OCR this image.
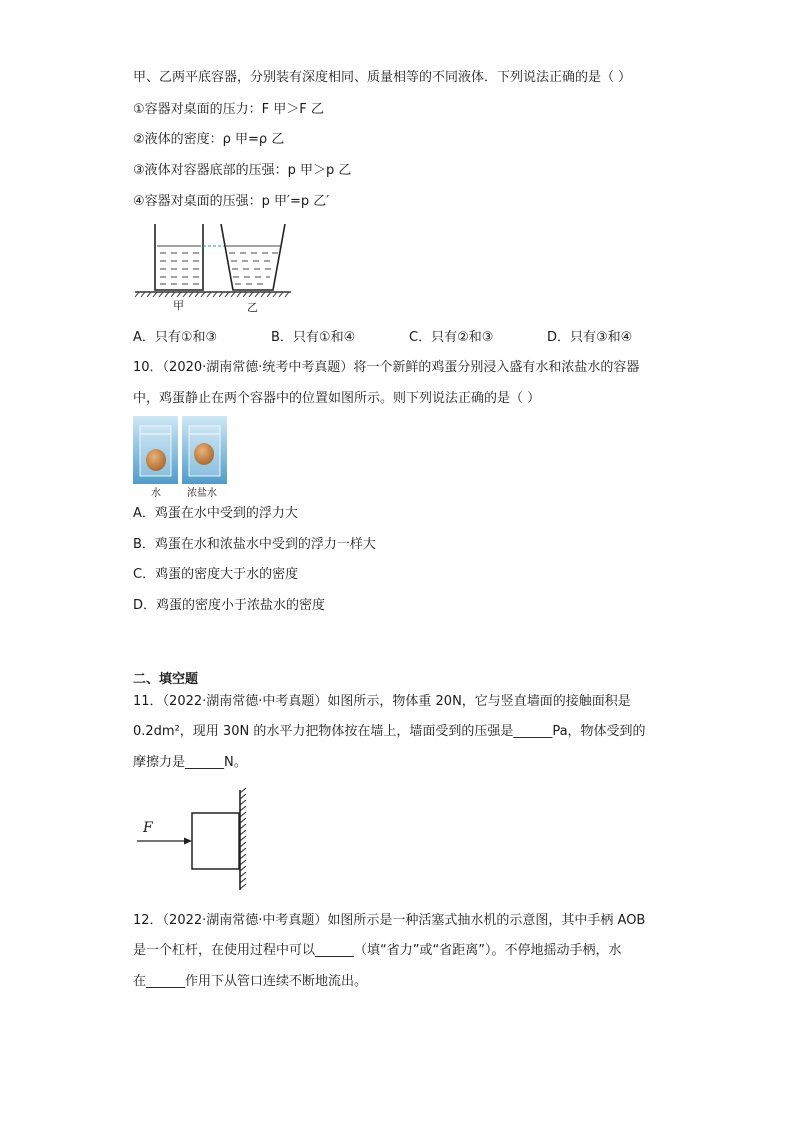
甲、乙两平底容器，分别装有深度相同、质量相等的不同液体．下列说法正确的是（ ）
①容器对桌面的压力：F 甲＞F 乙
②液体的密度：ρ 甲=ρ 乙
③液体对容器底部的压强：p 甲＞p 乙
④容器对桌面的压强：p 甲′=p 乙′
甲	乙
A．只有①和③	B．只有①和④	C．只有②和③	D．只有③和④
10．（2020·湖南常德·统考中考真题）将一个新鲜的鸡蛋分别浸入盛有水和浓盐水的容器
中，鸡蛋静止在两个容器中的位置如图所示。则下列说法正确的是（ ）
水	浓盐水
A．鸡蛋在水中受到的浮力大
B．鸡蛋在水和浓盐水中受到的浮力一样大
C．鸡蛋的密度大于水的密度
D．鸡蛋的密度小于浓盐水的密度
二、填空题
11．（2022·湖南常德·中考真题）如图所示，物体重 20N，它与竖直墙面的接触面积是
0.2dm²，现用 30N 的水平力把物体按在墙上，墙面受到的压强是______Pa，物体受到的
摩擦力是______N。
F
12．（2022·湖南常德·中考真题）如图所示是一种活塞式抽水机的示意图，其中手柄 AOB
是一个杠杆，在使用过程中可以______（填“省力”或“省距离”）。不停地摇动手柄，水
在______作用下从管口连续不断地流出。
